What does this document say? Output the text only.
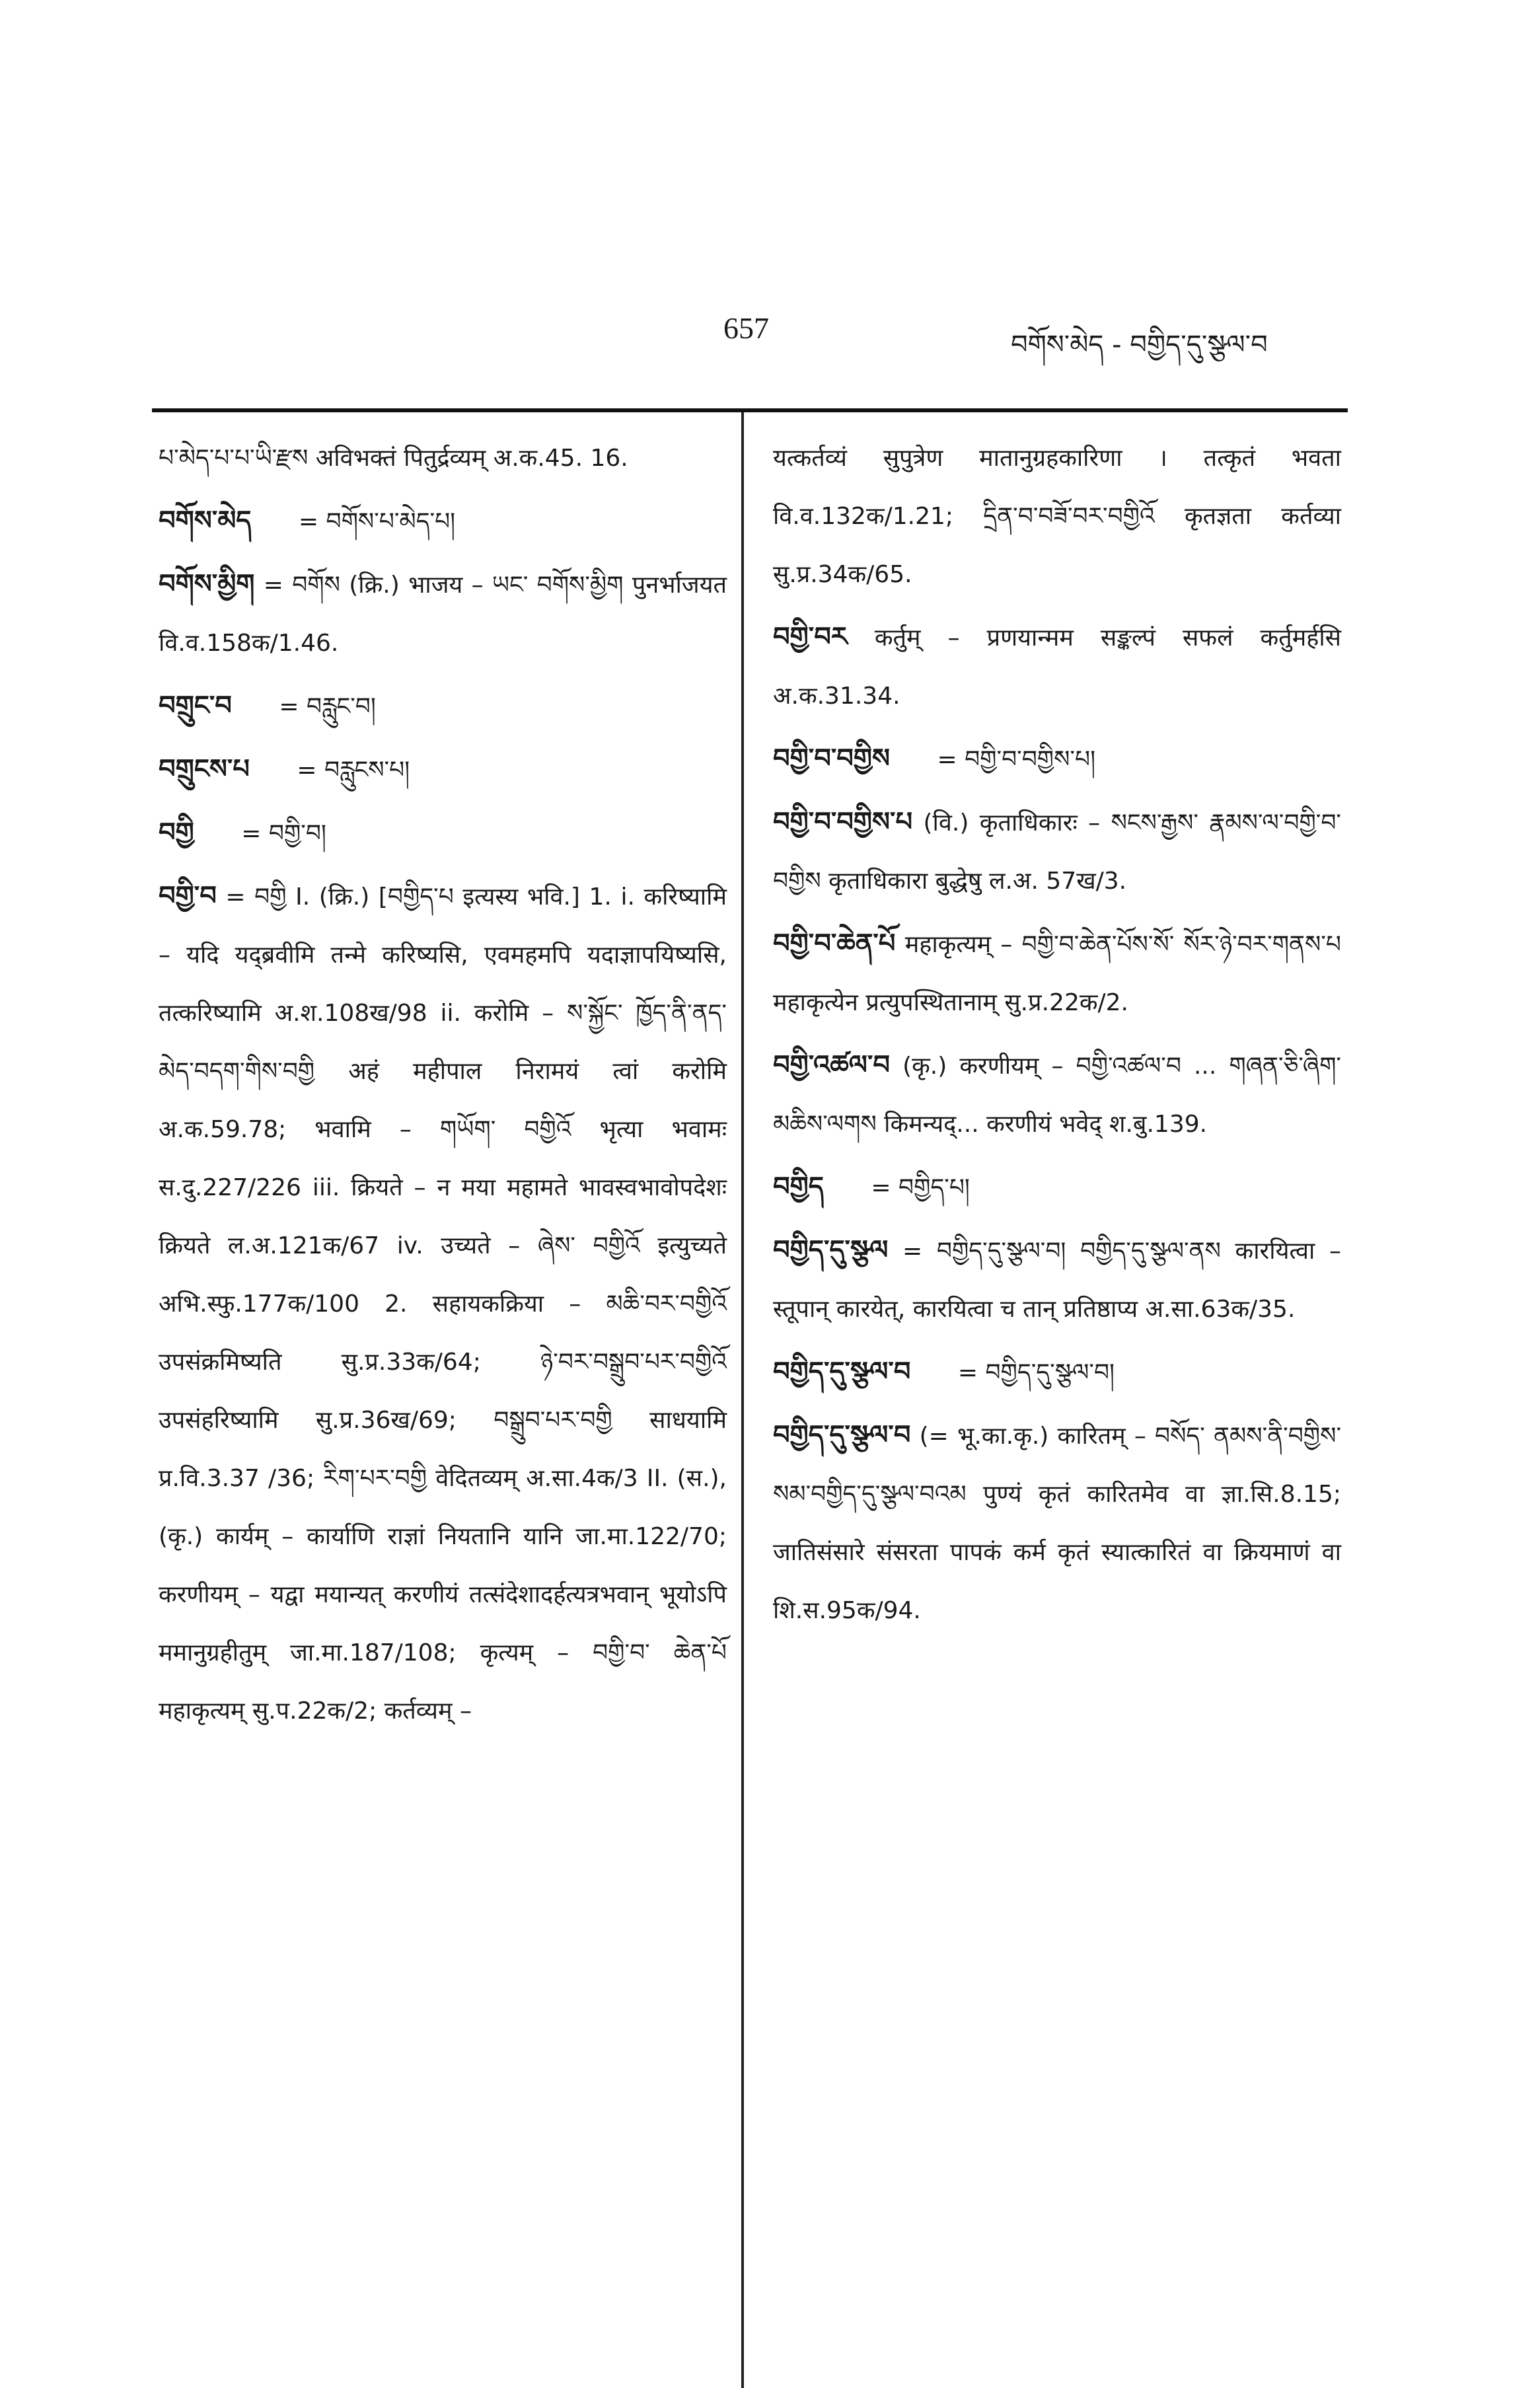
657	བགོས་མེད - བགྱིད་དུ་སྩལ་བ

པ་མེད་པ་པ་ཡི་རྫས अविभक्तं पितुर्द्रव्यम् अ.क.45. 16.

བགོས་མེད = བགོས་པ་མེད་པ།

བགོས་མྱིག = བགོས (क्रि.) भाजय – ཡང་ བགོས་མྱིག पुनर्भाजयत वि.व.158क/1.46.

བགྲུང་བ = བརླུང་བ།

བགྲུངས་པ = བརླུངས་པ།

བགྱི = བགྱི་བ།

བགྱི་བ = བགྱི I. (क्रि.) [བགྱིད་པ इत्यस्य भवि.] 1. i. करिष्यामि – यदि यद्ब्रवीमि तन्मे करिष्यसि, एवमहमपि यदाज्ञापयिष्यसि, तत्करिष्यामि अ.श.108ख/98 ii. करोमि – ས་སྐྱོང་ ཁྱོད་ནི་ནད་མེད་བདག་གིས་བགྱི अहं महीपाल निरामयं त्वां करोमि अ.क.59.78; भवामि – གཡོག་ བགྱིའོ भृत्या भवामः स.दु.227/226 iii. क्रियते – न मया महामते भावस्वभावोपदेशः क्रियते ल.अ.121क/67 iv. उच्यते – ཞེས་ བགྱིའོ इत्युच्यते अभि.स्फु.177क/100 2. सहायकक्रिया – མཆི་བར་བགྱིའོ उपसंक्रमिष्यति सु.प्र.33क/64; ཉེ་བར་བསྒྲུབ་པར་བགྱིའོ उपसंहरिष्यामि सु.प्र.36ख/69; བསྒྲུབ་པར་བགྱི साधयामि प्र.वि.3.37 /36; རིག་པར་བགྱི वेदितव्यम् अ.सा.4क/3 II. (स.), (कृ.) कार्यम् – कार्याणि राज्ञां नियतानि यानि जा.मा.122/70; करणीयम् – यद्वा मयान्यत् करणीयं तत्संदेशादर्हत्यत्रभवान् भूयोऽपि ममानुग्रहीतुम् जा.मा.187/108; कृत्यम् – བགྱི་བ་ ཆེན་པོ महाकृत्यम् सु.प.22क/2; कर्तव्यम् –

यत्कर्तव्यं सुपुत्रेण मातानुग्रहकारिणा । तत्कृतं भवता वि.व.132क/1.21; དྲིན་བ་བཟོ་བར་བགྱིའོ कृतज्ञता कर्तव्या सु.प्र.34क/65.

བགྱི་བར कर्तुम् – प्रणयान्मम सङ्कल्पं सफलं कर्तुमर्हसि अ.क.31.34.

བགྱི་བ་བགྱིས = བགྱི་བ་བགྱིས་པ།

བགྱི་བ་བགྱིས་པ (वि.) कृताधिकारः – སངས་རྒྱས་ རྣམས་ལ་བགྱི་བ་བགྱིས कृताधिकारा बुद्धेषु ल.अ. 57ख/3.

བགྱི་བ་ཆེན་པོ महाकृत्यम् – བགྱི་བ་ཆེན་པོས་སོ་ སོར་ཉེ་བར་གནས་པ महाकृत्येन प्रत्युपस्थितानाम् सु.प्र.22क/2.

བགྱི་འཚལ་བ (कृ.) करणीयम् – བགྱི་འཚལ་བ ... གཞན་ཅི་ཞིག་མཆིས་ལགས किमन्यद्... करणीयं भवेद् श.बु.139.

བགྱིད = བགྱིད་པ།

བགྱིད་དུ་སྩལ = བགྱིད་དུ་སྩལ་བ། བགྱིད་དུ་སྩལ་ནས कारयित्वा – स्तूपान् कारयेत्, कारयित्वा च तान् प्रतिष्ठाप्य अ.सा.63क/35.

བགྱིད་དུ་སྩལ་བ = བགྱིད་དུ་སྩལ་བ།

བགྱིད་དུ་སྩལ་བ (= भू.का.कृ.) कारितम् – བསོད་ ནམས་ནི་བགྱིས་སམ་བགྱིད་དུ་སྩལ་བའམ पुण्यं कृतं कारितमेव वा ज्ञा.सि.8.15; जातिसंसारे संसरता पापकं कर्म कृतं स्यात्कारितं वा क्रियमाणं वा शि.स.95क/94.
